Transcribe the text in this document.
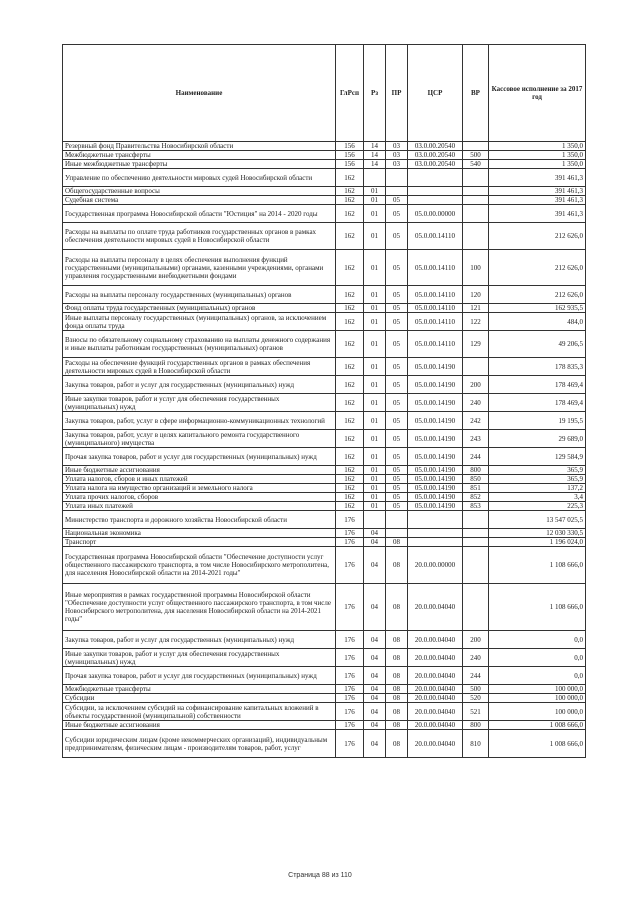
Наименование	ГлРсп	Рз	ПР	ЦСР	ВР	Кассовое исполнение за 2017 год
Резервный фонд Правительства Новосибирской области	156	14	03	03.0.00.20540		1 350,0
Межбюджетные трансферты	156	14	03	03.0.00.20540	500	1 350,0
Иные межбюджетные трансферты	156	14	03	03.0.00.20540	540	1 350,0
Управление по обеспечению деятельности мировых судей Новосибирской области	162					391 461,3
Общегосударственные вопросы	162	01				391 461,3
Судебная система	162	01	05			391 461,3
Государственная программа Новосибирской области "Юстиция" на 2014 - 2020 годы	162	01	05	05.0.00.00000		391 461,3
Расходы на выплаты по оплате труда работников государственных органов в рамках обеспечения деятельности мировых судей в Новосибирской области	162	01	05	05.0.00.14110		212 626,0
Расходы на выплаты персоналу в целях обеспечения выполнения функций государственными (муниципальными) органами, казенными учреждениями, органами управления государственными внебюджетными фондами	162	01	05	05.0.00.14110	100	212 626,0
Расходы на выплаты персоналу государственных (муниципальных) органов	162	01	05	05.0.00.14110	120	212 626,0
Фонд оплаты труда государственных (муниципальных) органов	162	01	05	05.0.00.14110	121	162 935,5
Иные выплаты персоналу государственных (муниципальных) органов, за исключением фонда оплаты труда	162	01	05	05.0.00.14110	122	484,0
Взносы по обязательному социальному страхованию на выплаты денежного содержания и иные выплаты работникам государственных (муниципальных) органов	162	01	05	05.0.00.14110	129	49 206,5
Расходы на обеспечение функций государственных органов в рамках обеспечения деятельности мировых судей в Новосибирской области	162	01	05	05.0.00.14190		178 835,3
Закупка товаров, работ и услуг для государственных (муниципальных) нужд	162	01	05	05.0.00.14190	200	178 469,4
Иные закупки товаров, работ и услуг для обеспечения государственных (муниципальных) нужд	162	01	05	05.0.00.14190	240	178 469,4
Закупка товаров, работ, услуг в сфере информационно-коммуникационных технологий	162	01	05	05.0.00.14190	242	19 195,5
Закупка товаров, работ, услуг в целях капитального ремонта государственного (муниципального) имущества	162	01	05	05.0.00.14190	243	29 689,0
Прочая закупка товаров, работ и услуг для государственных (муниципальных) нужд	162	01	05	05.0.00.14190	244	129 584,9
Иные бюджетные ассигнования	162	01	05	05.0.00.14190	800	365,9
Уплата налогов, сборов и иных платежей	162	01	05	05.0.00.14190	850	365,9
Уплата налога на имущество организаций и земельного налога	162	01	05	05.0.00.14190	851	137,2
Уплата прочих налогов, сборов	162	01	05	05.0.00.14190	852	3,4
Уплата иных платежей	162	01	05	05.0.00.14190	853	225,3
Министерство транспорта и дорожного хозяйства Новосибирской области	176					13 547 025,5
Национальная экономика	176	04				12 030 330,5
Транспорт	176	04	08			1 196 024,0
Государственная программа Новосибирской области "Обеспечение доступности услуг общественного пассажирского транспорта, в том числе Новосибирского метрополитена, для населения Новосибирской области на 2014-2021 годы"	176	04	08	20.0.00.00000		1 108 666,0
Иные мероприятия в рамках государственной программы Новосибирской области "Обеспечение доступности услуг общественного пассажирского транспорта, в том числе Новосибирского метрополитена, для населения Новосибирской области на 2014-2021 годы"	176	04	08	20.0.00.04040		1 108 666,0
Закупка товаров, работ и услуг для государственных (муниципальных) нужд	176	04	08	20.0.00.04040	200	0,0
Иные закупки товаров, работ и услуг для обеспечения государственных (муниципальных) нужд	176	04	08	20.0.00.04040	240	0,0
Прочая закупка товаров, работ и услуг для государственных (муниципальных) нужд	176	04	08	20.0.00.04040	244	0,0
Межбюджетные трансферты	176	04	08	20.0.00.04040	500	100 000,0
Субсидии	176	04	08	20.0.00.04040	520	100 000,0
Субсидии, за исключением субсидий на софинансирование капитальных вложений в объекты государственной (муниципальной) собственности	176	04	08	20.0.00.04040	521	100 000,0
Иные бюджетные ассигнования	176	04	08	20.0.00.04040	800	1 008 666,0
Субсидии юридическим лицам (кроме некоммерческих организаций), индивидуальным предпринимателям, физическим лицам - производителям товаров, работ, услуг	176	04	08	20.0.00.04040	810	1 008 666,0
Страница 88 из 110
